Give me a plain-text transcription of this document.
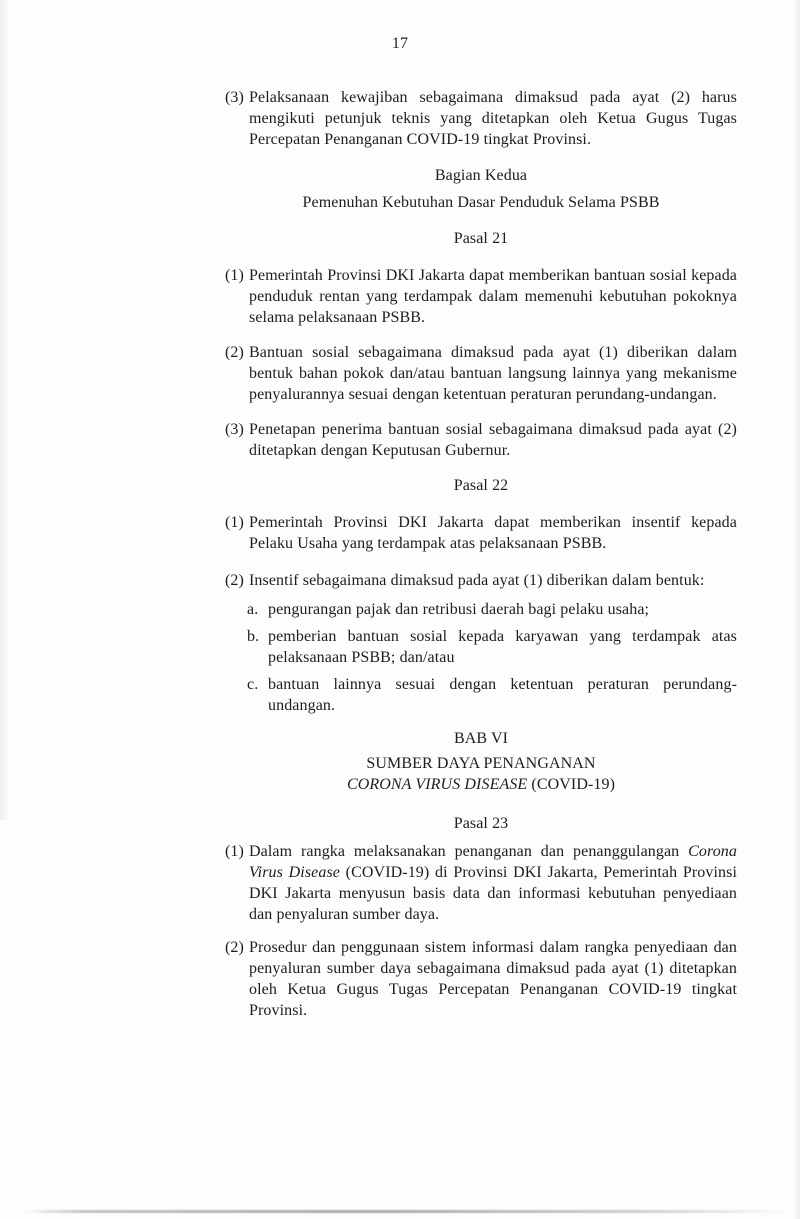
17
(3) Pelaksanaan kewajiban sebagaimana dimaksud pada ayat (2) harus mengikuti petunjuk teknis yang ditetapkan oleh Ketua Gugus Tugas Percepatan Penanganan COVID-19 tingkat Provinsi.
Bagian Kedua
Pemenuhan Kebutuhan Dasar Penduduk Selama PSBB
Pasal 21
(1) Pemerintah Provinsi DKI Jakarta dapat memberikan bantuan sosial kepada penduduk rentan yang terdampak dalam memenuhi kebutuhan pokoknya selama pelaksanaan PSBB.
(2) Bantuan sosial sebagaimana dimaksud pada ayat (1) diberikan dalam bentuk bahan pokok dan/atau bantuan langsung lainnya yang mekanisme penyalurannya sesuai dengan ketentuan peraturan perundang-undangan.
(3) Penetapan penerima bantuan sosial sebagaimana dimaksud pada ayat (2) ditetapkan dengan Keputusan Gubernur.
Pasal 22
(1) Pemerintah Provinsi DKI Jakarta dapat memberikan insentif kepada Pelaku Usaha yang terdampak atas pelaksanaan PSBB.
(2) Insentif sebagaimana dimaksud pada ayat (1) diberikan dalam bentuk:
a. pengurangan pajak dan retribusi daerah bagi pelaku usaha;
b. pemberian bantuan sosial kepada karyawan yang terdampak atas pelaksanaan PSBB; dan/atau
c. bantuan lainnya sesuai dengan ketentuan peraturan perundang-undangan.
BAB VI
SUMBER DAYA PENANGANAN
CORONA VIRUS DISEASE (COVID-19)
Pasal 23
(1) Dalam rangka melaksanakan penanganan dan penanggulangan Corona Virus Disease (COVID-19) di Provinsi DKI Jakarta, Pemerintah Provinsi DKI Jakarta menyusun basis data dan informasi kebutuhan penyediaan dan penyaluran sumber daya.
(2) Prosedur dan penggunaan sistem informasi dalam rangka penyediaan dan penyaluran sumber daya sebagaimana dimaksud pada ayat (1) ditetapkan oleh Ketua Gugus Tugas Percepatan Penanganan COVID-19 tingkat Provinsi.
